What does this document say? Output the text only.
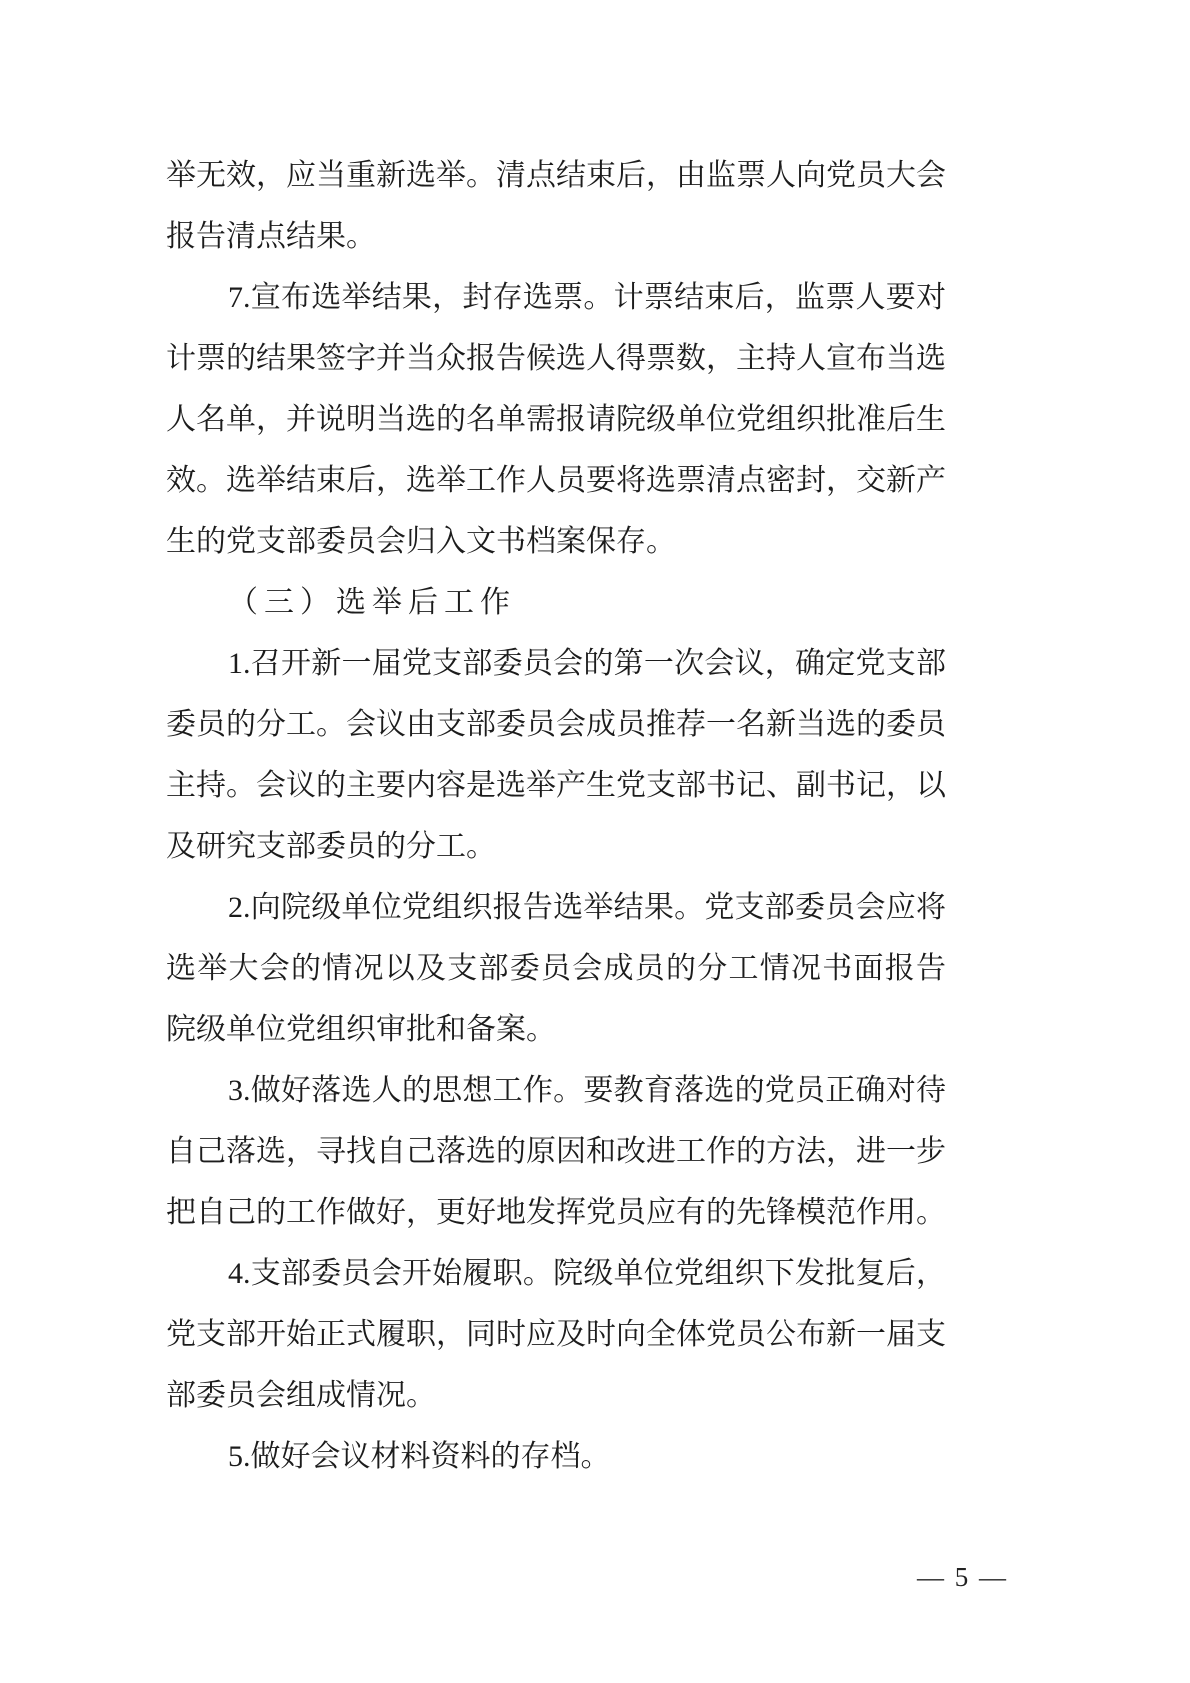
举无效，应当重新选举。清点结束后，由监票人向党员大会
报告清点结果。
7.宣布选举结果，封存选票。计票结束后，监票人要对
计票的结果签字并当众报告候选人得票数，主持人宣布当选
人名单，并说明当选的名单需报请院级单位党组织批准后生
效。选举结束后，选举工作人员要将选票清点密封，交新产
生的党支部委员会归入文书档案保存。
（三）选举后工作
1.召开新一届党支部委员会的第一次会议，确定党支部
委员的分工。会议由支部委员会成员推荐一名新当选的委员
主持。会议的主要内容是选举产生党支部书记、副书记，以
及研究支部委员的分工。
2.向院级单位党组织报告选举结果。党支部委员会应将
选举大会的情况以及支部委员会成员的分工情况书面报告
院级单位党组织审批和备案。
3.做好落选人的思想工作。要教育落选的党员正确对待
自己落选，寻找自己落选的原因和改进工作的方法，进一步
把自己的工作做好，更好地发挥党员应有的先锋模范作用。
4.支部委员会开始履职。院级单位党组织下发批复后，
党支部开始正式履职，同时应及时向全体党员公布新一届支
部委员会组成情况。
5.做好会议材料资料的存档。
— 5 —
